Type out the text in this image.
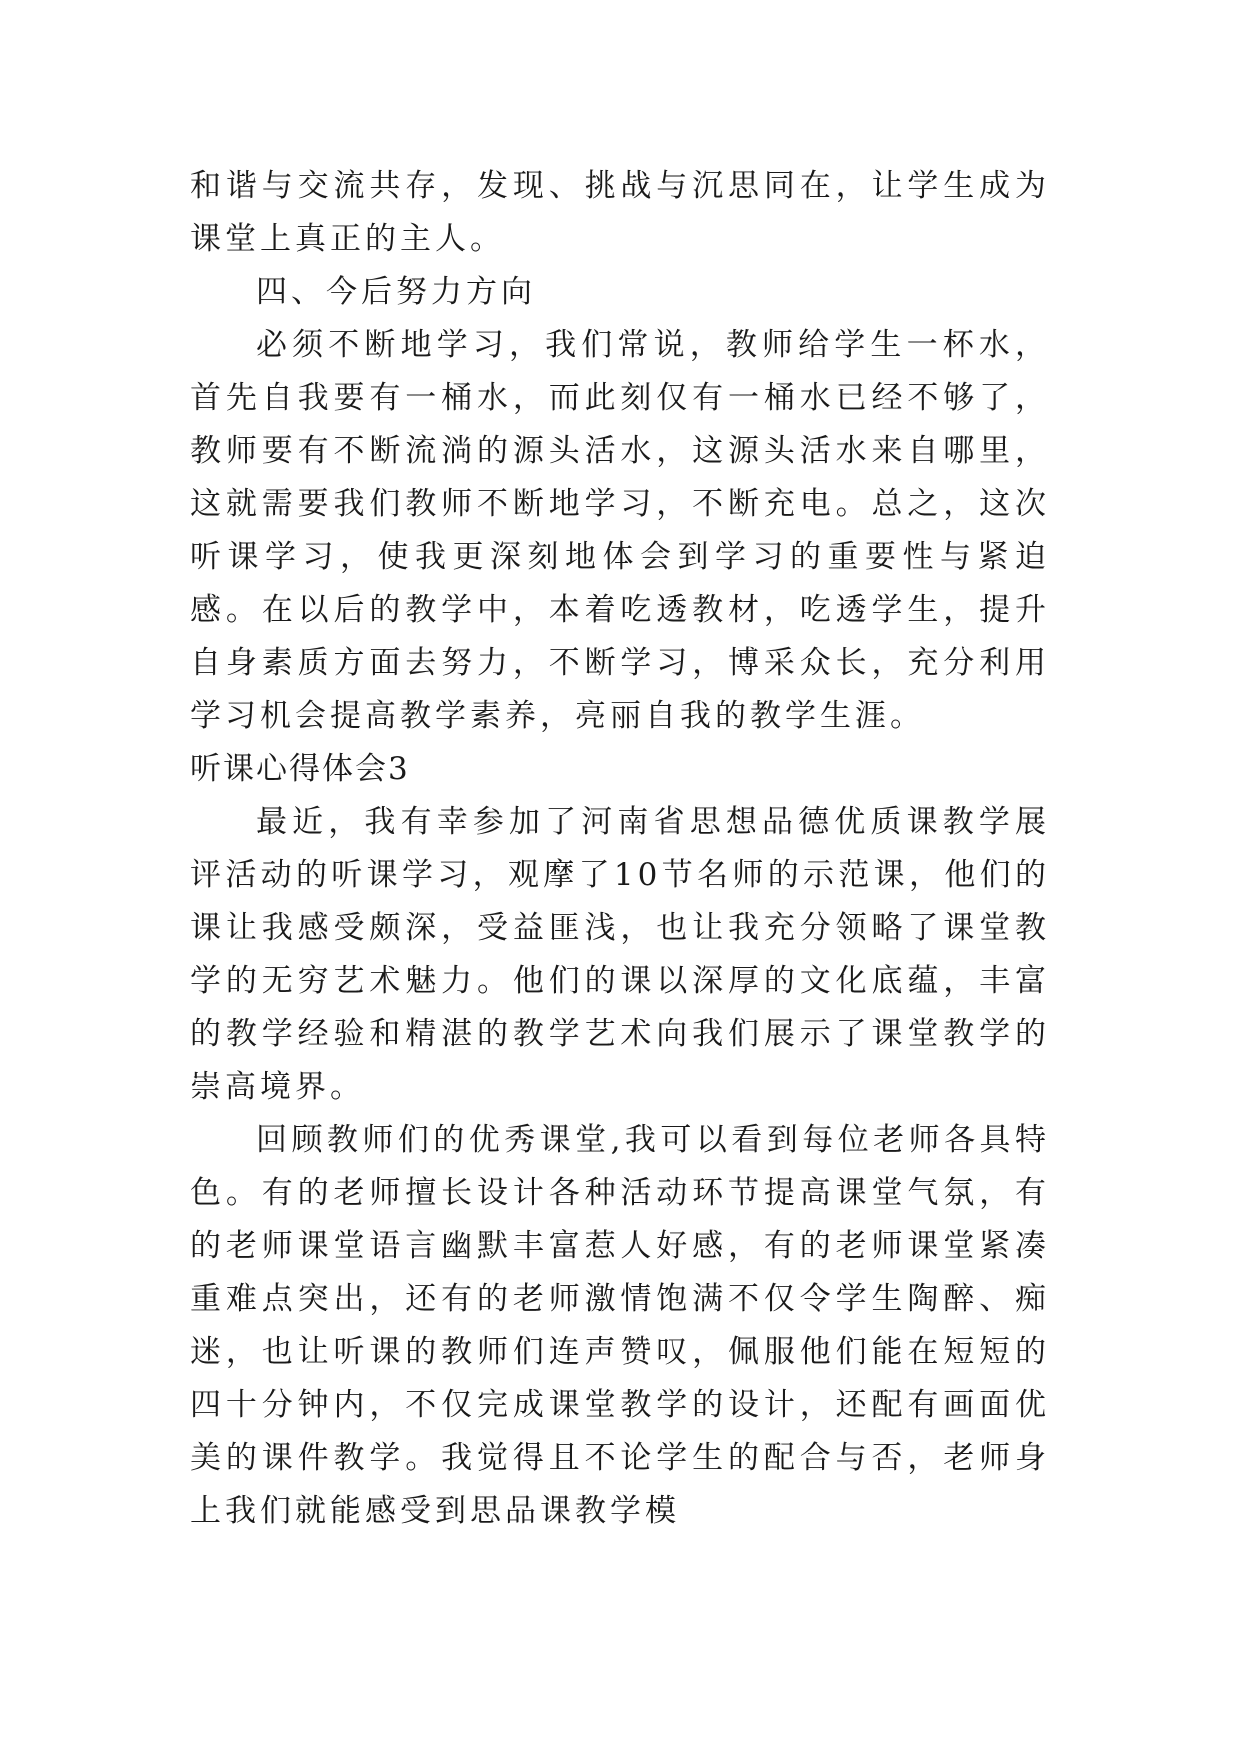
和谐与交流共存，发现、挑战与沉思同在，让学生成为课堂上真正的主人。

四、今后努力方向

必须不断地学习，我们常说，教师给学生一杯水，首先自我要有一桶水，而此刻仅有一桶水已经不够了，教师要有不断流淌的源头活水，这源头活水来自哪里，这就需要我们教师不断地学习，不断充电。总之，这次听课学习，使我更深刻地体会到学习的重要性与紧迫感。在以后的教学中，本着吃透教材，吃透学生，提升自身素质方面去努力，不断学习，博采众长，充分利用学习机会提高教学素养，亮丽自我的教学生涯。

听课心得体会3

最近，我有幸参加了河南省思想品德优质课教学展评活动的听课学习，观摩了10节名师的示范课，他们的课让我感受颇深，受益匪浅，也让我充分领略了课堂教学的无穷艺术魅力。他们的课以深厚的文化底蕴，丰富的教学经验和精湛的教学艺术向我们展示了课堂教学的崇高境界。

回顾教师们的优秀课堂,我可以看到每位老师各具特色。有的老师擅长设计各种活动环节提高课堂气氛，有的老师课堂语言幽默丰富惹人好感，有的老师课堂紧凑重难点突出，还有的老师激情饱满不仅令学生陶醉、痴迷，也让听课的教师们连声赞叹，佩服他们能在短短的四十分钟内，不仅完成课堂教学的设计，还配有画面优美的课件教学。我觉得且不论学生的配合与否，老师身上我们就能感受到思品课教学模
